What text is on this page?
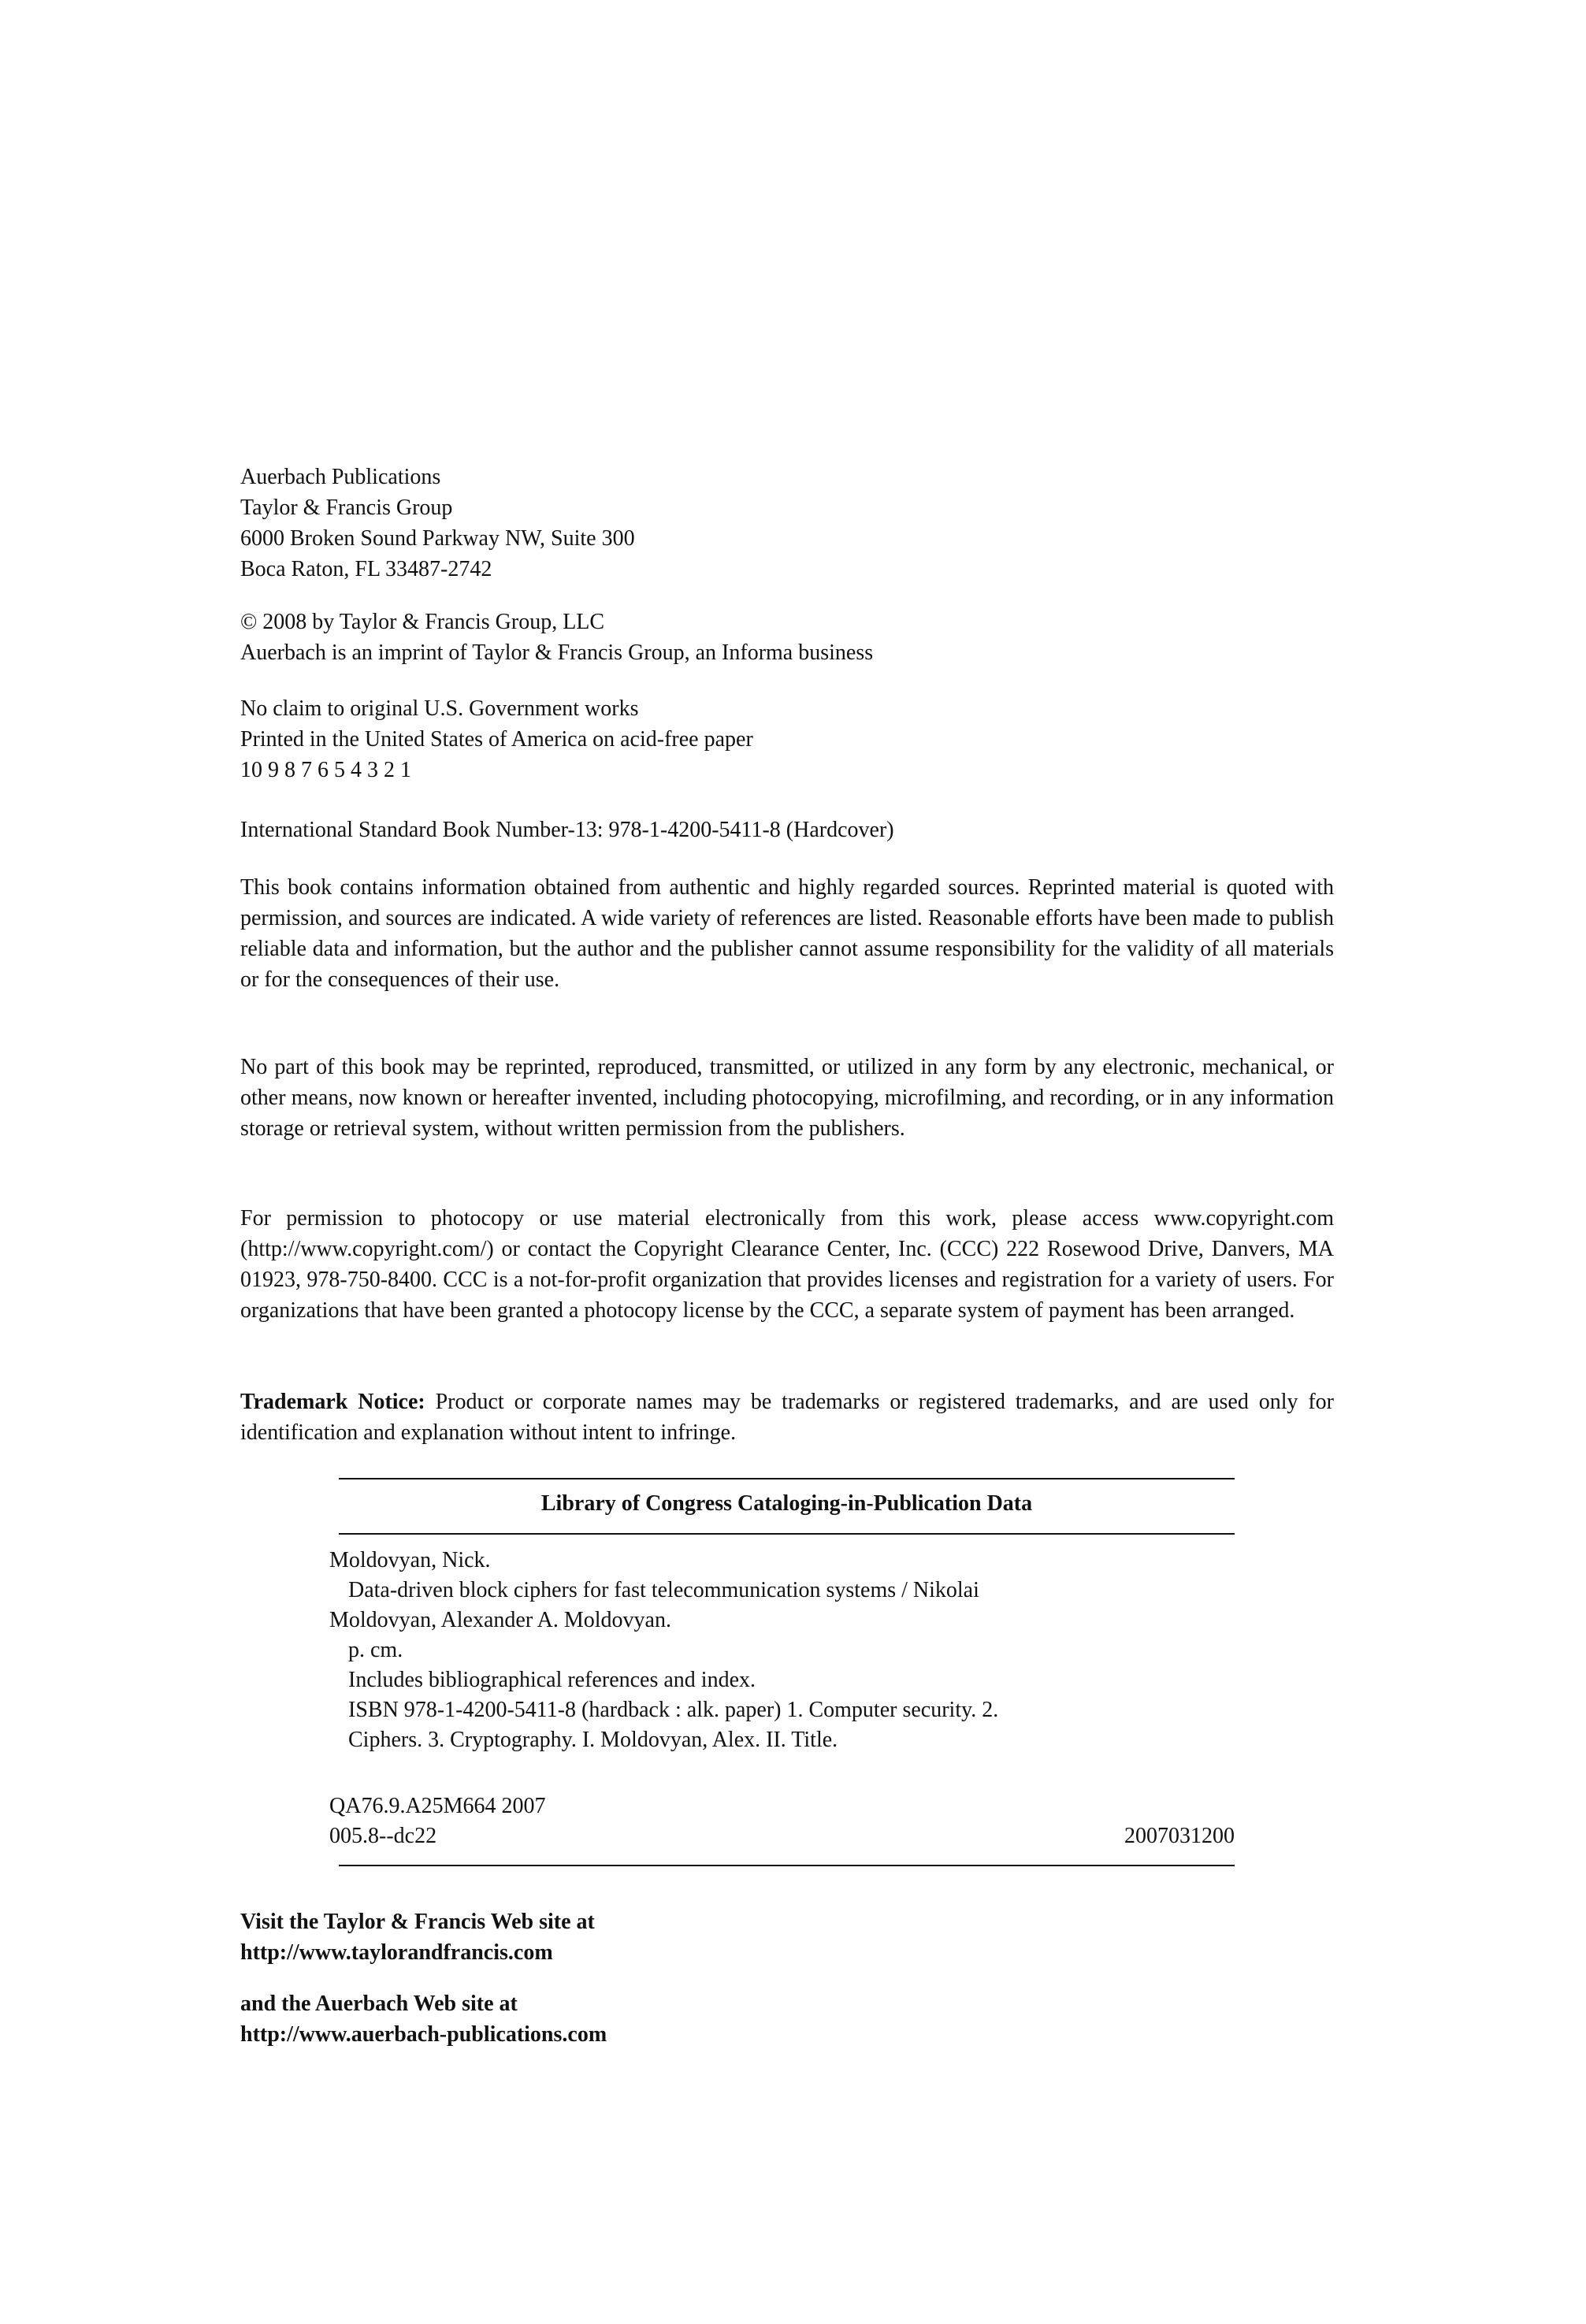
Auerbach Publications
Taylor & Francis Group
6000 Broken Sound Parkway NW, Suite 300
Boca Raton, FL 33487-2742
© 2008 by Taylor & Francis Group, LLC
Auerbach is an imprint of Taylor & Francis Group, an Informa business
No claim to original U.S. Government works
Printed in the United States of America on acid-free paper
10 9 8 7 6 5 4 3 2 1
International Standard Book Number-13: 978-1-4200-5411-8 (Hardcover)
This book contains information obtained from authentic and highly regarded sources. Reprinted material is quoted with permission, and sources are indicated. A wide variety of references are listed. Reasonable efforts have been made to publish reliable data and information, but the author and the publisher cannot assume responsibility for the validity of all materials or for the consequences of their use.
No part of this book may be reprinted, reproduced, transmitted, or utilized in any form by any electronic, mechanical, or other means, now known or hereafter invented, including photocopying, microfilming, and recording, or in any information storage or retrieval system, without written permission from the publishers.
For permission to photocopy or use material electronically from this work, please access www.copyright.com (http://www.copyright.com/) or contact the Copyright Clearance Center, Inc. (CCC) 222 Rosewood Drive, Danvers, MA 01923, 978-750-8400. CCC is a not-for-profit organization that provides licenses and registration for a variety of users. For organizations that have been granted a photocopy license by the CCC, a separate system of payment has been arranged.
Trademark Notice: Product or corporate names may be trademarks or registered trademarks, and are used only for identification and explanation without intent to infringe.
Library of Congress Cataloging-in-Publication Data
Moldovyan, Nick.
Data-driven block ciphers for fast telecommunication systems / Nikolai
Moldovyan, Alexander A. Moldovyan.
p. cm.
Includes bibliographical references and index.
ISBN 978-1-4200-5411-8 (hardback : alk. paper) 1. Computer security. 2.
Ciphers. 3. Cryptography. I. Moldovyan, Alex. II. Title.
QA76.9.A25M664 2007
005.8--dc22	2007031200
Visit the Taylor & Francis Web site at
http://www.taylorandfrancis.com
and the Auerbach Web site at
http://www.auerbach-publications.com
